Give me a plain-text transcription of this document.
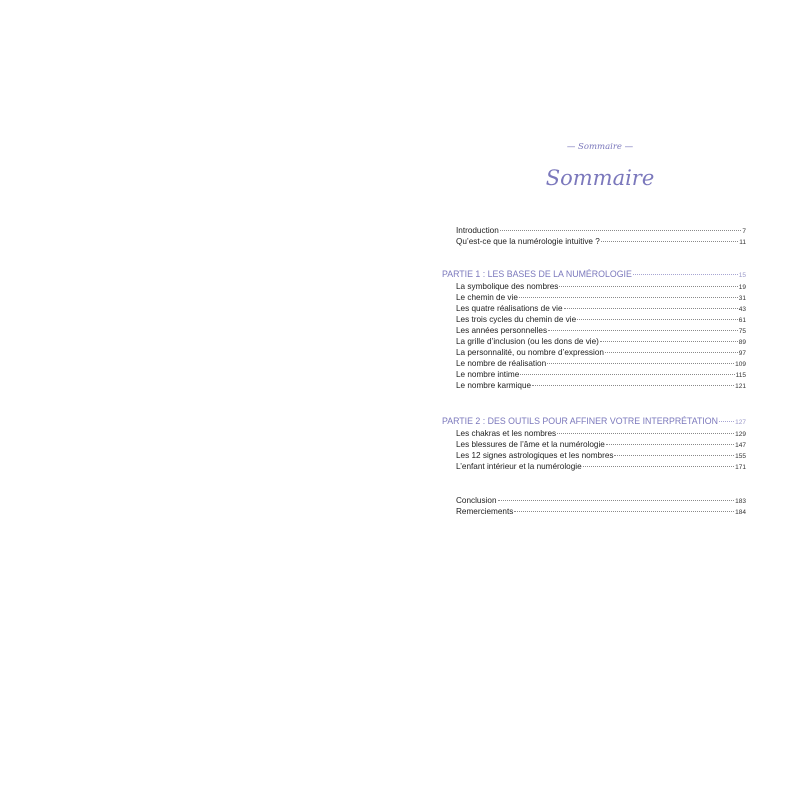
— Sommaire —
Sommaire
Introduction	7
Qu’est-ce que la numérologie intuitive ?	11
PARTIE 1 : LES BASES DE LA NUMÉROLOGIE	15
La symbolique des nombres	19
Le chemin de vie	31
Les quatre réalisations de vie	43
Les trois cycles du chemin de vie	61
Les années personnelles	75
La grille d’inclusion (ou les dons de vie)	89
La personnalité, ou nombre d’expression	97
Le nombre de réalisation	109
Le nombre intime	115
Le nombre karmique	121
PARTIE 2 : DES OUTILS POUR AFFINER VOTRE INTERPRÉTATION	127
Les chakras et les nombres	129
Les blessures de l’âme et la numérologie	147
Les 12 signes astrologiques et les nombres	155
L’enfant intérieur et la numérologie	171
Conclusion	183
Remerciements	184
